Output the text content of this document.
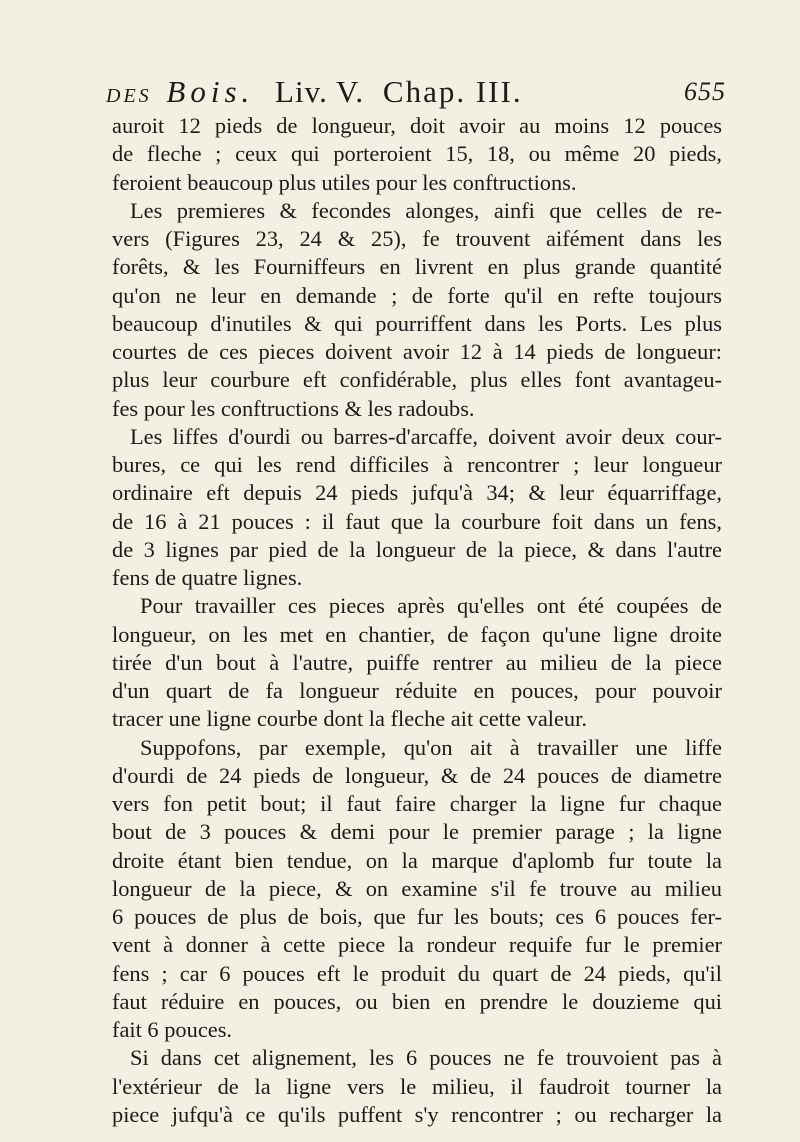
DES Bois. Liv. V. Chap. III.	655
auroit 12 pieds de longueur, doit avoir au moins 12 pouces
de fleche ; ceux qui porteroient 15, 18, ou même 20 pieds,
feroient beaucoup plus utiles pour les conftructions.
Les premieres & fecondes alonges, ainfi que celles de re-
vers (Figures 23, 24 & 25), fe trouvent aifément dans les
forêts, & les Fourniffeurs en livrent en plus grande quantité
qu'on ne leur en demande ; de forte qu'il en refte toujours
beaucoup d'inutiles & qui pourriffent dans les Ports. Les plus
courtes de ces pieces doivent avoir 12 à 14 pieds de longueur:
plus leur courbure eft confidérable, plus elles font avantageu-
fes pour les conftructions & les radoubs.
Les liffes d'ourdi ou barres-d'arcaffe, doivent avoir deux cour-
bures, ce qui les rend difficiles à rencontrer ; leur longueur
ordinaire eft depuis 24 pieds jufqu'à 34; & leur équarriffage,
de 16 à 21 pouces : il faut que la courbure foit dans un fens,
de 3 lignes par pied de la longueur de la piece, & dans l'autre
fens de quatre lignes.
Pour travailler ces pieces après qu'elles ont été coupées de
longueur, on les met en chantier, de façon qu'une ligne droite
tirée d'un bout à l'autre, puiffe rentrer au milieu de la piece
d'un quart de fa longueur réduite en pouces, pour pouvoir
tracer une ligne courbe dont la fleche ait cette valeur.
Suppofons, par exemple, qu'on ait à travailler une liffe
d'ourdi de 24 pieds de longueur, & de 24 pouces de diametre
vers fon petit bout; il faut faire charger la ligne fur chaque
bout de 3 pouces & demi pour le premier parage ; la ligne
droite étant bien tendue, on la marque d'aplomb fur toute la
longueur de la piece, & on examine s'il fe trouve au milieu
6 pouces de plus de bois, que fur les bouts; ces 6 pouces fer-
vent à donner à cette piece la rondeur requife fur le premier
fens ; car 6 pouces eft le produit du quart de 24 pieds, qu'il
faut réduire en pouces, ou bien en prendre le douzieme qui
fait 6 pouces.
Si dans cet alignement, les 6 pouces ne fe trouvoient pas à
l'extérieur de la ligne vers le milieu, il faudroit tourner la
piece jufqu'à ce qu'ils puffent s'y rencontrer ; ou recharger la
